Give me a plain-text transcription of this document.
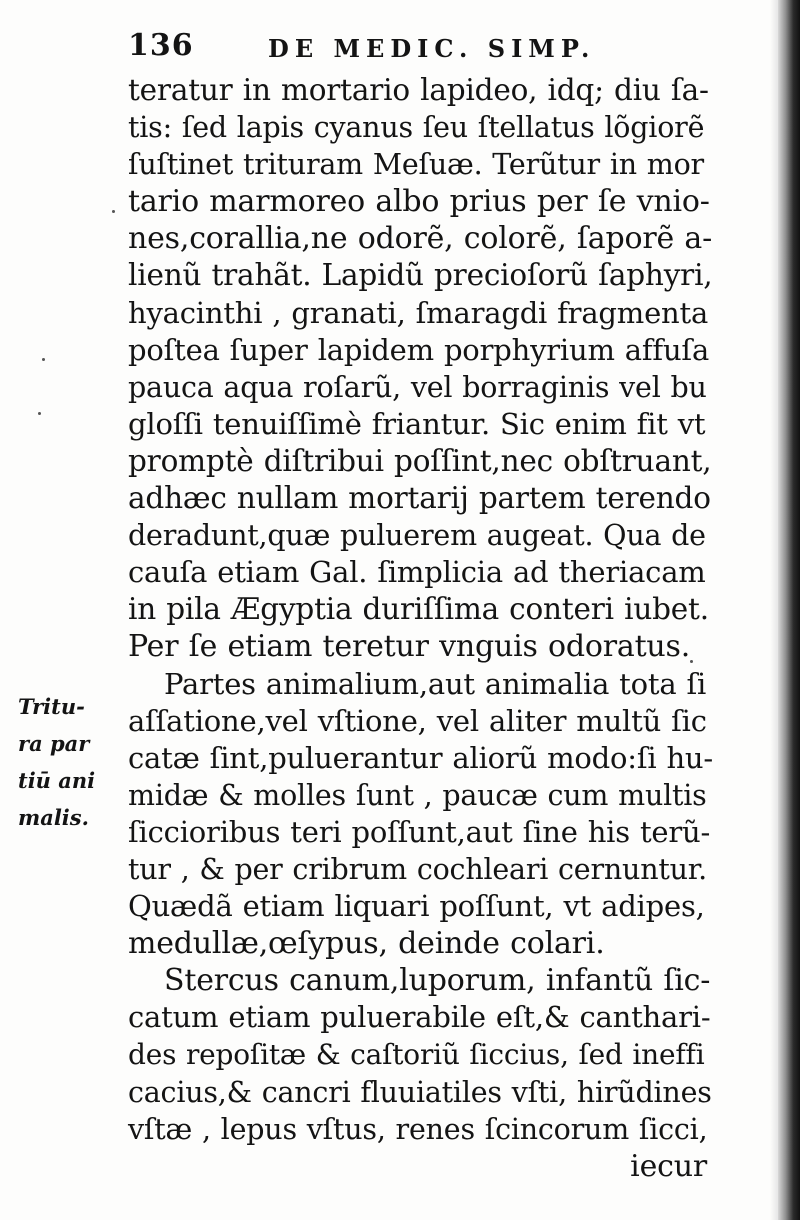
136	DE MEDIC. SIMP.
Tritu-
ra par
tiū ani
malis.
teratur in mortario lapideo, idq; diu ſa-
tis: ſed lapis cyanus ſeu ſtellatus lõgiorẽ
ſuſtinet trituram Meſuæ. Terũtur in mor
tario marmoreo albo prius per ſe vnio-
nes,corallia,ne odorẽ, colorẽ, ſaporẽ a-
lienũ trahãt. Lapidũ precioſorũ ſaphyri,
hyacinthi , granati, ſmaragdi fragmenta
poſtea ſuper lapidem porphyrium affuſa
pauca aqua roſarũ, vel borraginis vel bu
gloſſi tenuiſſimè friantur. Sic enim fit vt
promptè diſtribui poſſint,nec obſtruant,
adhæc nullam mortarij partem terendo
deradunt,quæ puluerem augeat. Qua de
cauſa etiam Gal. ſimplicia ad theriacam
in pila Ægyptia duriſſima conteri iubet.
Per ſe etiam teretur vnguis odoratus.
Partes animalium,aut animalia tota ſi
aſſatione,vel vſtione, vel aliter multũ ſic
catæ ſint,puluerantur aliorũ modo:ſi hu-
midæ & molles ſunt , paucæ cum multis
ſiccioribus teri poſſunt,aut ſine his terũ-
tur , & per cribrum cochleari cernuntur.
Quædã etiam liquari poſſunt, vt adipes,
medullæ,œſypus, deinde colari.
Stercus canum,luporum, infantũ ſic-
catum etiam puluerabile eſt,& canthari-
des repoſitæ & caſtoriũ ſiccius, ſed ineffi
cacius,& cancri fluuiatiles vſti, hirũdines
vſtæ , lepus vſtus, renes ſcincorum ſicci,
iecur
